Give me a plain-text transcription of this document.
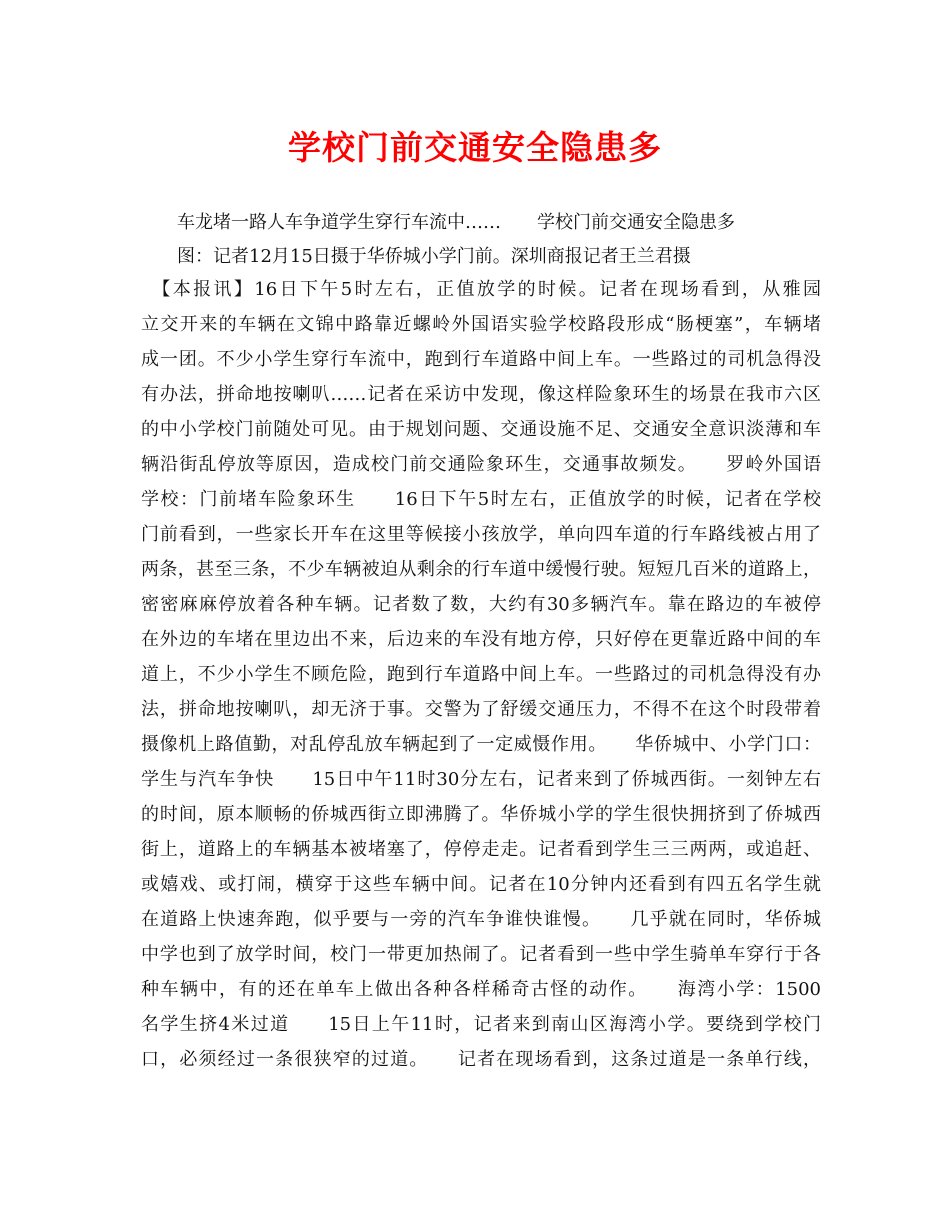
学校门前交通安全隐患多

　　车龙堵一路人车争道学生穿行车流中……　　学校门前交通安全隐患多

　　图：记者12月15日摄于华侨城小学门前。深圳商报记者王兰君摄

　【本报讯】16日下午5时左右，正值放学的时候。记者在现场看到，从雅园

立交开来的车辆在文锦中路靠近螺岭外国语实验学校路段形成“肠梗塞”，车辆堵

成一团。不少小学生穿行车流中，跑到行车道路中间上车。一些路过的司机急得没

有办法，拼命地按喇叭……记者在采访中发现，像这样险象环生的场景在我市六区

的中小学校门前随处可见。由于规划问题、交通设施不足、交通安全意识淡薄和车

辆沿街乱停放等原因，造成校门前交通险象环生，交通事故频发。　　罗岭外国语

学校：门前堵车险象环生　　16日下午5时左右，正值放学的时候，记者在学校

门前看到，一些家长开车在这里等候接小孩放学，单向四车道的行车路线被占用了

两条，甚至三条，不少车辆被迫从剩余的行车道中缓慢行驶。短短几百米的道路上，

密密麻麻停放着各种车辆。记者数了数，大约有30多辆汽车。靠在路边的车被停

在外边的车堵在里边出不来，后边来的车没有地方停，只好停在更靠近路中间的车

道上，不少小学生不顾危险，跑到行车道路中间上车。一些路过的司机急得没有办

法，拼命地按喇叭，却无济于事。交警为了舒缓交通压力，不得不在这个时段带着

摄像机上路值勤，对乱停乱放车辆起到了一定威慑作用。　　华侨城中、小学门口：

学生与汽车争快　　15日中午11时30分左右，记者来到了侨城西街。一刻钟左右

的时间，原本顺畅的侨城西街立即沸腾了。华侨城小学的学生很快拥挤到了侨城西

街上，道路上的车辆基本被堵塞了，停停走走。记者看到学生三三两两，或追赶、

或嬉戏、或打闹，横穿于这些车辆中间。记者在10分钟内还看到有四五名学生就

在道路上快速奔跑，似乎要与一旁的汽车争谁快谁慢。　　几乎就在同时，华侨城

中学也到了放学时间，校门一带更加热闹了。记者看到一些中学生骑单车穿行于各

种车辆中，有的还在单车上做出各种各样稀奇古怪的动作。　　海湾小学：1500

名学生挤4米过道　　15日上午11时，记者来到南山区海湾小学。要绕到学校门

口，必须经过一条很狭窄的过道。　　记者在现场看到，这条过道是一条单行线，
